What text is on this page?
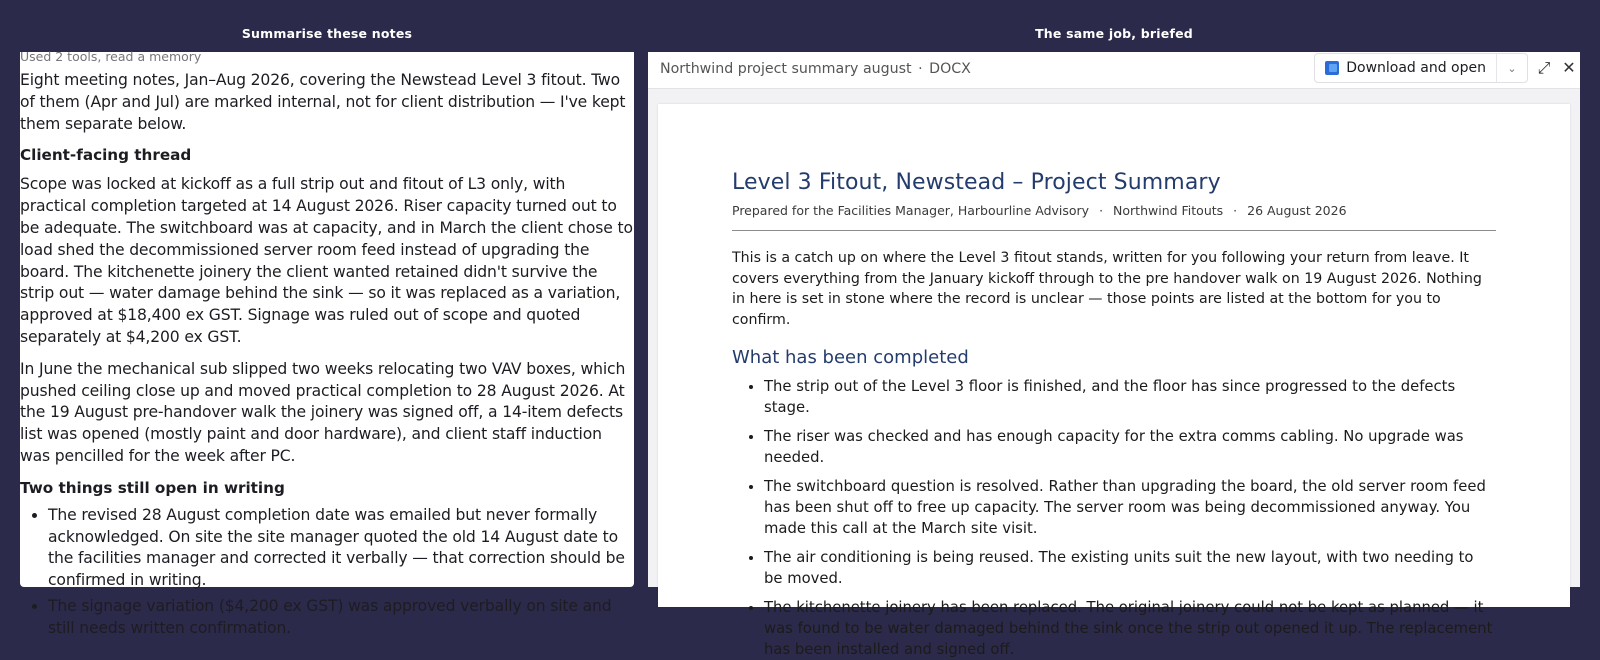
Summarise these notes
Used 2 tools, read a memory

Eight meeting notes, Jan–Aug 2026, covering the Newstead Level 3 fitout. Two of them (Apr and Jul) are marked internal, not for client distribution — I've kept them separate below.

Client-facing thread

Scope was locked at kickoff as a full strip out and fitout of L3 only, with practical completion targeted at 14 August 2026. Riser capacity turned out to be adequate. The switchboard was at capacity, and in March the client chose to load shed the decommissioned server room feed instead of upgrading the board. The kitchenette joinery the client wanted retained didn't survive the strip out — water damage behind the sink — so it was replaced as a variation, approved at $18,400 ex GST. Signage was ruled out of scope and quoted separately at $4,200 ex GST.

In June the mechanical sub slipped two weeks relocating two VAV boxes, which pushed ceiling close up and moved practical completion to 28 August 2026. At the 19 August pre-handover walk the joinery was signed off, a 14-item defects list was opened (mostly paint and door hardware), and client staff induction was pencilled for the week after PC.

Two things still open in writing
• The revised 28 August completion date was emailed but never formally acknowledged. On site the site manager quoted the old 14 August date to the facilities manager and corrected it verbally — that correction should be confirmed in writing.
• The signage variation ($4,200 ex GST) was approved verbally on site and still needs written confirmation.
The same job, briefed
Northwind project summary august · DOCX	Download and open	⌄	⤢ ✕
Level 3 Fitout, Newstead – Project Summary
Prepared for the Facilities Manager, Harbourline Advisory · Northwind Fitouts · 26 August 2026
This is a catch up on where the Level 3 fitout stands, written for you following your return from leave. It covers everything from the January kickoff through to the pre handover walk on 19 August 2026. Nothing in here is set in stone where the record is unclear — those points are listed at the bottom for you to confirm.
What has been completed
• The strip out of the Level 3 floor is finished, and the floor has since progressed to the defects stage.
• The riser was checked and has enough capacity for the extra comms cabling. No upgrade was needed.
• The switchboard question is resolved. Rather than upgrading the board, the old server room feed has been shut off to free up capacity. The server room was being decommissioned anyway. You made this call at the March site visit.
• The air conditioning is being reused. The existing units suit the new layout, with two needing to be moved.
• The kitchenette joinery has been replaced. The original joinery could not be kept as planned — it was found to be water damaged behind the sink once the strip out opened it up. The replacement has been installed and signed off.
